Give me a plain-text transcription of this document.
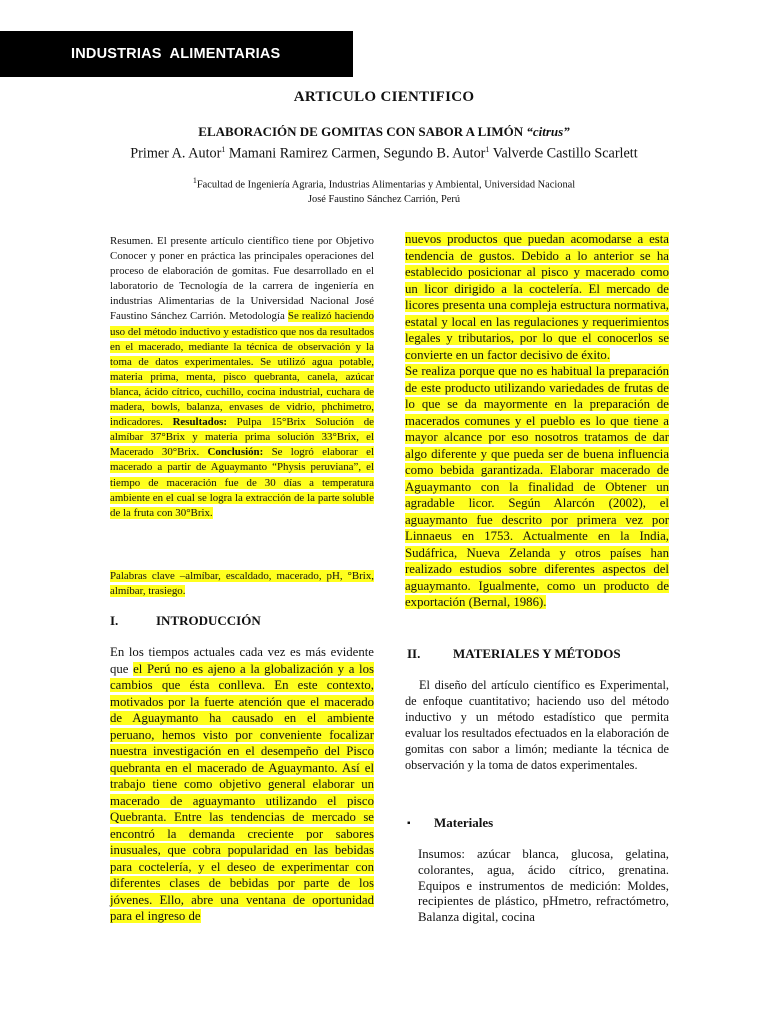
INDUSTRIAS  ALIMENTARIAS
ARTICULO CIENTIFICO
ELABORACIÓN DE GOMITAS CON SABOR A LIMÓN “citrus”
Primer A. Autor$^1$ Mamani Ramirez Carmen, Segundo B. Autor$^1$ Valverde Castillo Scarlett
$^1$Facultad de Ingeniería Agraria, Industrias Alimentarias y Ambiental, Universidad Nacional
José Faustino Sánchez Carrión, Perú
Resumen. El presente artículo científico tiene por Objetivo Conocer y poner en práctica las principales operaciones del proceso de elaboración de gomitas. Fue desarrollado en el laboratorio de Tecnología de la carrera de ingeniería en industrias Alimentarias de la Universidad Nacional José Faustino Sánchez Carrión. Metodología Se realizó haciendo uso del método inductivo y estadístico que nos da resultados en el macerado, mediante la técnica de observación y la toma de datos experimentales. Se utilizó agua potable, materia prima, menta, pisco quebranta, canela, azúcar blanca, ácido cítrico, cuchillo, cocina industrial, cuchara de madera, bowls, balanza, envases de vidrio, phchimetro, indicadores. Resultados: Pulpa 15°Brix Solución de almíbar 37°Brix y materia prima solución 33°Brix, el Macerado 30°Brix. Conclusión: Se logró elaborar el macerado a partir de Aguaymanto “Physis peruviana”, el tiempo de maceración fue de 30 días a temperatura ambiente en el cual se logra la extracción de la parte soluble de la fruta con 30°Brix.
Palabras clave –almíbar, escaldado, macerado, pH, °Brix, almíbar, trasiego.
I.	INTRODUCCIÓN
En los tiempos actuales cada vez es más evidente que el Perú no es ajeno a la globalización y a los cambios que ésta conlleva. En este contexto, motivados por la fuerte atención que el macerado de Aguaymanto ha causado en el ambiente peruano, hemos visto por conveniente focalizar nuestra investigación en el desempeño del Pisco quebranta en el macerado de Aguaymanto. Así el trabajo tiene como objetivo general elaborar un macerado de aguaymanto utilizando el pisco Quebranta. Entre las tendencias de mercado se encontró la demanda creciente por sabores inusuales, que cobra popularidad en las bebidas para coctelería, y el deseo de experimentar con diferentes clases de bebidas por parte de los jóvenes. Ello, abre una ventana de oportunidad para el ingreso de
nuevos productos que puedan acomodarse a esta tendencia de gustos. Debido a lo anterior se ha establecido posicionar al pisco y macerado como un licor dirigido a la coctelería. El mercado de licores presenta una compleja estructura normativa, estatal y local en las regulaciones y requerimientos legales y tributarios, por lo que el conocerlos se convierte en un factor decisivo de éxito.
Se realiza porque que no es habitual la preparación de este producto utilizando variedades de frutas de lo que se da mayormente en la preparación de macerados comunes y el pueblo es lo que tiene a mayor alcance por eso nosotros tratamos de dar algo diferente y que pueda ser de buena influencia como bebida garantizada. Elaborar macerado de Aguaymanto con la finalidad de Obtener un agradable licor. Según Alarcón (2002), el aguaymanto fue descrito por primera vez por Linnaeus en 1753. Actualmente en la India, Sudáfrica, Nueva Zelanda y otros países han realizado estudios sobre diferentes aspectos del aguaymanto. Igualmente, como un producto de exportación (Bernal, 1986).
II.	MATERIALES Y MÉTODOS
El diseño del artículo científico es Experimental, de enfoque cuantitativo; haciendo uso del método inductivo y un método estadístico que permita evaluar los resultados efectuados en la elaboración de gomitas con sabor a limón; mediante la técnica de observación y la toma de datos experimentales.
▪ Materiales
Insumos: azúcar blanca, glucosa, gelatina, colorantes, agua, ácido cítrico, grenatina. Equipos e instrumentos de medición: Moldes, recipientes de plástico, pHmetro, refractómetro, Balanza digital, cocina
